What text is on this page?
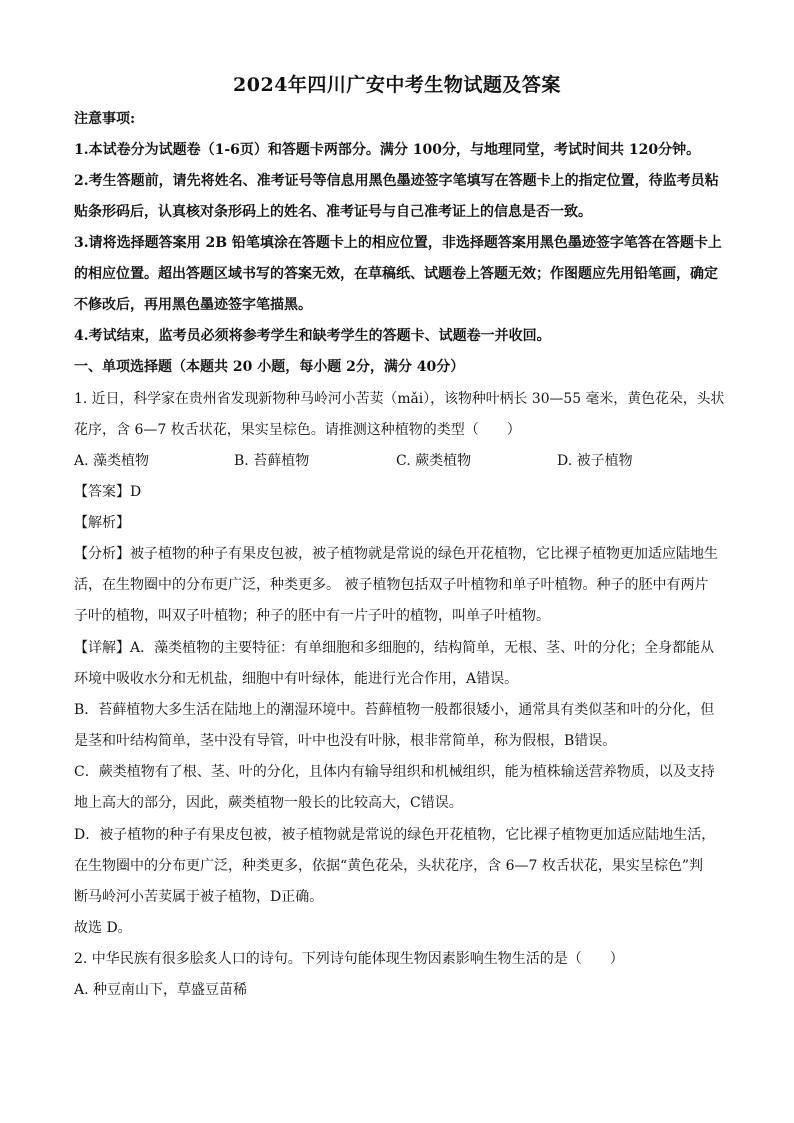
2024年四川广安中考生物试题及答案
注意事项:
1.本试卷分为试题卷（1-6页）和答题卡两部分。满分 100分，与地理同堂，考试时间共 120分钟。
2.考生答题前，请先将姓名、准考证号等信息用黑色墨迹签字笔填写在答题卡上的指定位置，待监考员粘
贴条形码后，认真核对条形码上的姓名、准考证号与自己准考证上的信息是否一致。
3.请将选择题答案用 2B 铅笔填涂在答题卡上的相应位置，非选择题答案用黑色墨迹签字笔答在答题卡上
的相应位置。超出答题区域书写的答案无效，在草稿纸、试题卷上答题无效；作图题应先用铅笔画，确定
不修改后，再用黑色墨迹签字笔描黑。
4.考试结束，监考员必须将参考学生和缺考学生的答题卡、试题卷一并收回。
一、单项选择题（本题共 20 小题，每小题 2分，满分 40分）
1. 近日，科学家在贵州省发现新物种马岭河小苦荬（mǎi），该物种叶柄长 30—55 毫米，黄色花朵，头状
花序，含 6—7 枚舌状花，果实呈棕色。请推测这种植物的类型（　　）
A. 藻类植物	B. 苔藓植物	C. 蕨类植物	D. 被子植物
【答案】D
【解析】
【分析】被子植物的种子有果皮包被，被子植物就是常说的绿色开花植物，它比裸子植物更加适应陆地生
活，在生物圈中的分布更广泛，种类更多。 被子植物包括双子叶植物和单子叶植物。种子的胚中有两片
子叶的植物，叫双子叶植物；种子的胚中有一片子叶的植物，叫单子叶植物。
【详解】A．藻类植物的主要特征：有单细胞和多细胞的，结构简单，无根、茎、叶的分化；全身都能从
环境中吸收水分和无机盐，细胞中有叶绿体，能进行光合作用，A错误。
B．苔藓植物大多生活在陆地上的潮湿环境中。苔藓植物一般都很矮小，通常具有类似茎和叶的分化，但
是茎和叶结构简单，茎中没有导管，叶中也没有叶脉，根非常简单，称为假根，B错误。
C．蕨类植物有了根、茎、叶的分化，且体内有输导组织和机械组织，能为植株输送营养物质，以及支持
地上高大的部分，因此，蕨类植物一般长的比较高大，C错误。
D．被子植物的种子有果皮包被，被子植物就是常说的绿色开花植物，它比裸子植物更加适应陆地生活，
在生物圈中的分布更广泛，种类更多，依据“黄色花朵，头状花序，含 6—7 枚舌状花，果实呈棕色”判
断马岭河小苦荬属于被子植物，D正确。
故选 D。
2. 中华民族有很多脍炙人口的诗句。下列诗句能体现生物因素影响生物生活的是（　　）
A. 种豆南山下，草盛豆苗稀
